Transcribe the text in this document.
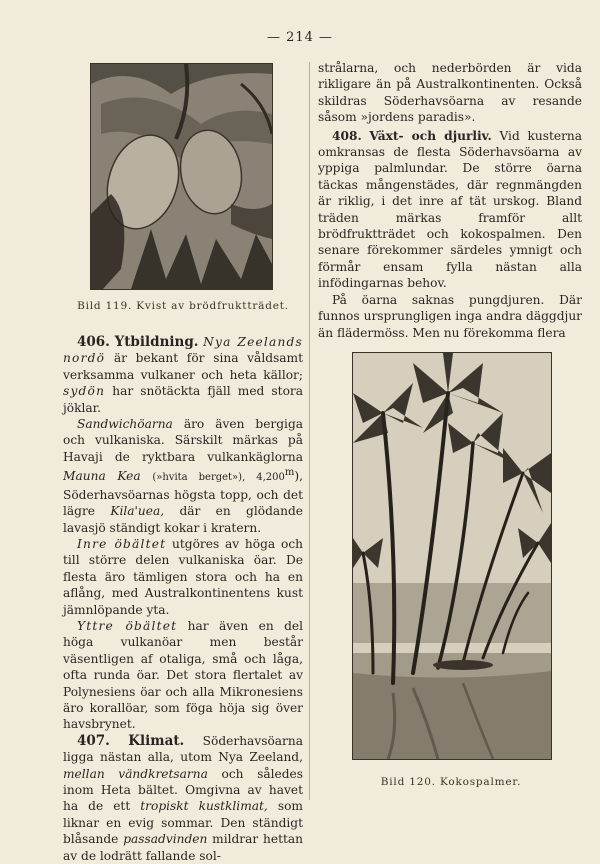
— 214 —
Bild 119. Kvist av brödfruktträdet.

strålarna, och nederbörden är vida rikligare än på Australkontinenten. Också skildras Söderhavsöarna av resande såsom »jordens paradis».

408. Växt- och djurliv. Vid kusterna omkransas de flesta Söderhavsöarna av yppiga palmlundar. De större öarna täckas mångenstädes, där regnmängden är riklig, i det inre af tät urskog. Bland träden märkas framför allt brödfruktträdet och kokospalmen. Den senare förekommer särdeles ymnigt och förmår ensam fylla nästan alla infödingarnas behov.

På öarna saknas pungdjuren. Där funnos ursprungligen inga andra däggdjur än flädermöss. Men nu förekomma flera

Bild 120. Kokospalmer.

406. Ytbildning. Nya Zeelands nordö är bekant för sina våldsamt verksamma vulkaner och heta källor; sydön har snötäckta fjäll med stora jöklar.

Sandwichöarna äro även bergiga och vulkaniska. Särskilt märkas på Havaji de ryktbara vulkankäglorna Mauna Kea (»hvita berget»), 4,200$^m$), Söderhavsöarnas högsta topp, och det lägre Kila'uea, där en glödande lavasjö ständigt kokar i kratern.

Inre öbältet utgöres av höga och till större delen vulkaniska öar. De flesta äro tämligen stora och ha en aflång, med Australkontinentens kust jämnlöpande yta.

Yttre öbältet har även en del höga vulkanöar men består väsentligen af otaliga, små och låga, ofta runda öar. Det stora flertalet av Polynesiens öar och alla Mikronesiens äro korallöar, som föga höja sig över havsbrynet.

407. Klimat. Söderhavsöarna ligga nästan alla, utom Nya Zeeland, mellan vändkretsarna och således inom Heta bältet. Omgivna av havet ha de ett tropiskt kustklimat, som liknar en evig sommar. Den ständigt blåsande passadvinden mildrar hettan av de lodrätt fallande sol-
